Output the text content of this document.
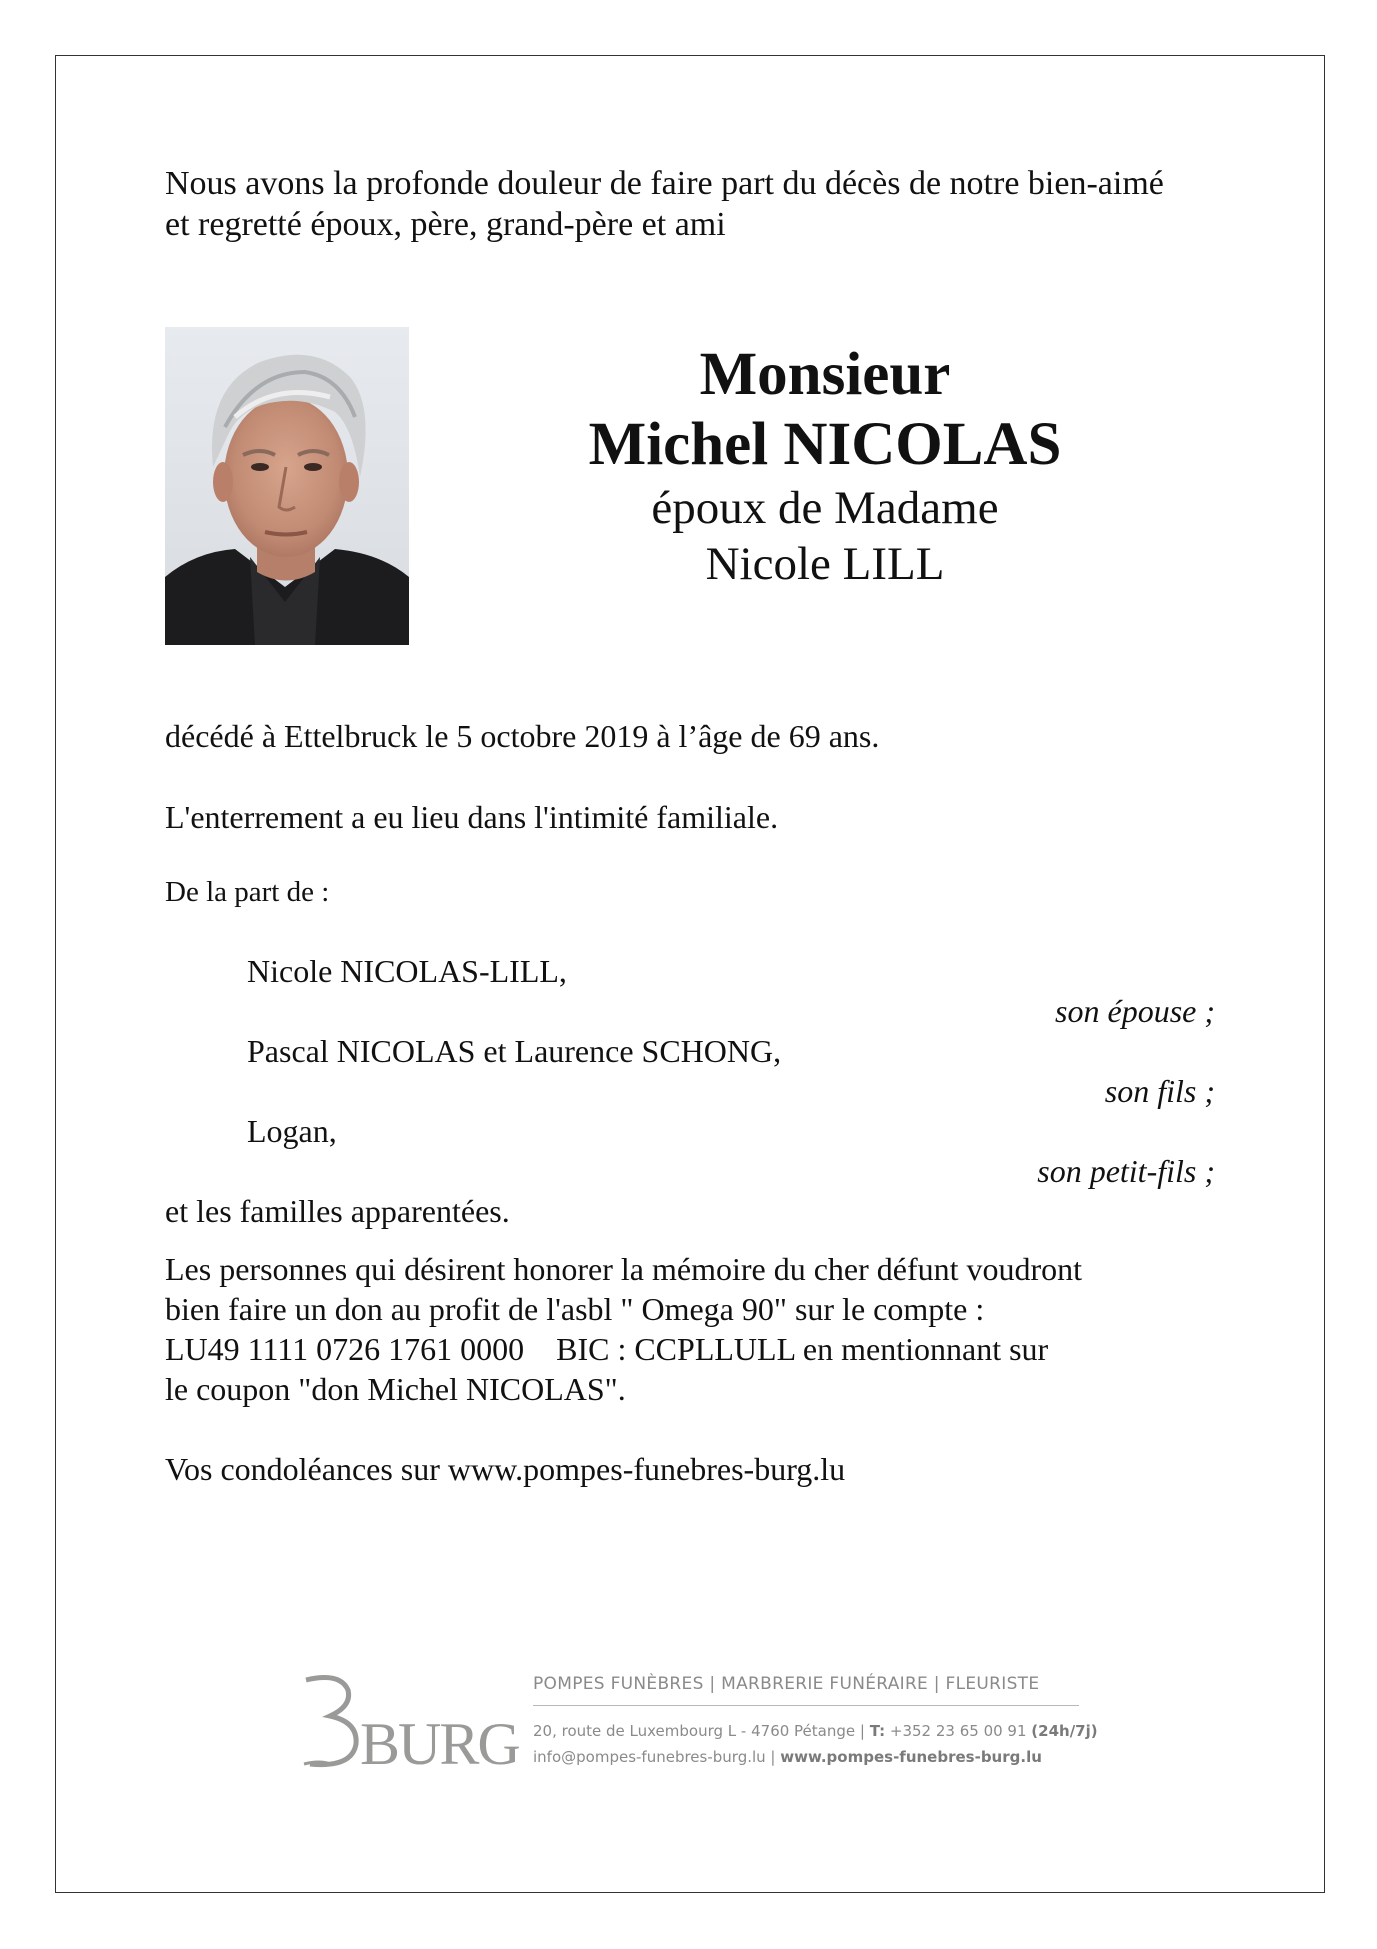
Nous avons la profonde douleur de faire part du décès de notre bien-aimé
et regretté époux, père, grand-père et ami
Monsieur
Michel NICOLAS
époux de Madame
Nicole LILL
décédé à Ettelbruck le 5 octobre 2019 à l’âge de 69 ans.
L'enterrement a eu lieu dans l'intimité familiale.
De la part de :
Nicole NICOLAS-LILL,
son épouse ;
Pascal NICOLAS et Laurence SCHONG,
son fils ;
Logan,
son petit-fils ;
et les familles apparentées.
Les personnes qui désirent honorer la mémoire du cher défunt voudront
bien faire un don au profit de l'asbl " Omega 90" sur le compte :
LU49 1111 0726 1761 0000    BIC : CCPLLULL en mentionnant sur
le coupon "don Michel NICOLAS".
Vos condoléances sur www.pompes-funebres-burg.lu
BURG
POMPES FUNÈBRES | MARBRERIE FUNÉRAIRE | FLEURISTE
20, route de Luxembourg L - 4760 Pétange | T: +352 23 65 00 91 (24h/7j)
info@pompes-funebres-burg.lu | www.pompes-funebres-burg.lu
